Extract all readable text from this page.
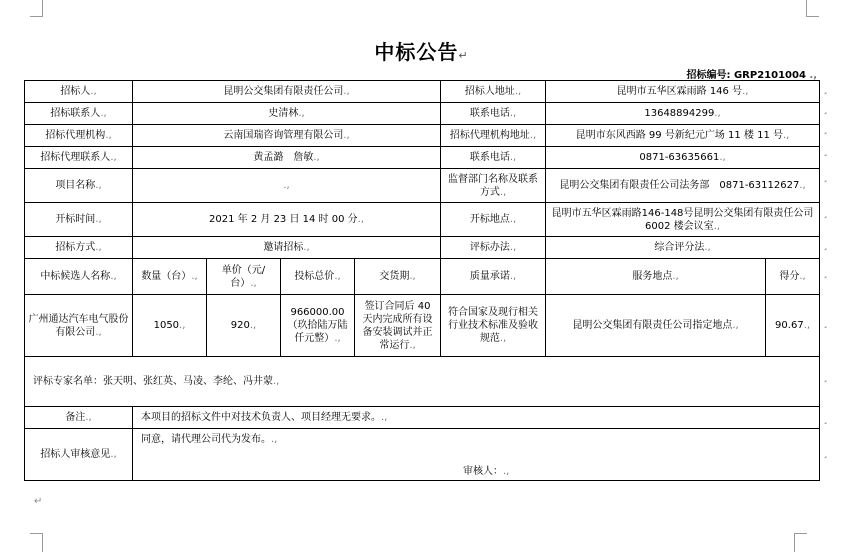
中标公告↵
招标编号: GRP2101004 .,
招标人.,	昆明公交集团有限责任公司.,				招标人地址.,	昆明市五华区霖雨路 146 号.,	
招标联系人.,	史清林.,				联系电话.,	13648894299.,	
招标代理机构.,	云南国瑞咨询管理有限公司.,				招标代理机构地址.,	昆明市东风西路 99 号新纪元广场 11 楼 11 号.,	
招标代理联系人.,	黄孟潞　詹敏.,				联系电话.,	0871-63635661.,	
项目名称.,	.,				监督部门名称及联系方式.,	昆明公交集团有限责任公司法务部　0871-63112627.,	
开标时间.,	2021 年 2 月 23 日 14 时 00 分.,				开标地点.,	昆明市五华区霖雨路146-148号昆明公交集团有限责任公司 6002 楼会议室.,	
招标方式.,	邀请招标.,				评标办法.,	综合评分法.,	
中标候选人名称.,	数量（台）.,	单价（元/台）.,	投标总价.,	交货期.,	质量承诺.,	服务地点.,	得分.,
广州通达汽车电气股份有限公司.,	1050.,	920.,	966000.00（玖拾陆万陆仟元整）.,	签订合同后 40 天内完成所有设备安装调试并正常运行.,	符合国家及现行相关行业技术标准及验收规范.,	昆明公交集团有限责任公司指定地点.,	90.67.,
评标专家名单：张天明、张红英、马凌、李纶、冯井蒙.,							
备注.,	本项目的招标文件中对技术负责人、项目经理无要求。.,						
招标人审核意见.,	同意，请代理公司代为发布。.,
审核人：.,						
¸
¸
¸
¸
¸
¸
¸
¸
¸
¸
¸
¸
↵
